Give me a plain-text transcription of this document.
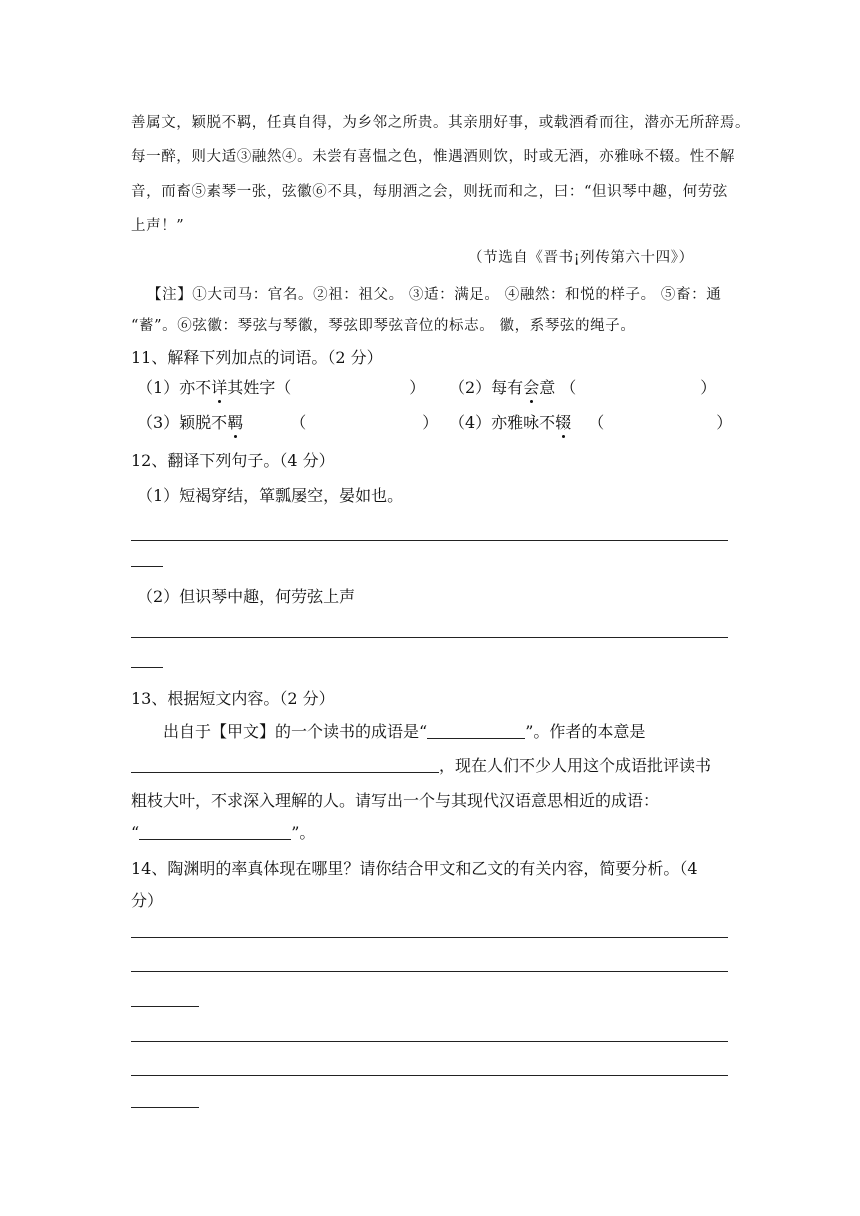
善属文，颖脱不羁，任真自得，为乡邻之所贵。其亲朋好事，或载酒肴而往，潜亦无所辞焉。
每一醉，则大适③融然④。未尝有喜愠之色，惟遇酒则饮，时或无酒，亦雅咏不辍。性不解
音，而畜⑤素琴一张，弦徽⑥不具，每朋酒之会，则抚而和之，曰：“但识琴中趣，何劳弦
上声！”
（节选自《晋书¡列传第六十四》）
【注】①大司马：官名。②祖：祖父。 ③适：满足。 ④融然：和悦的样子。 ⑤畜：通
“蓄”。⑥弦徽：琴弦与琴徽，琴弦即琴弦音位的标志。 徽，系琴弦的绳子。
11、解释下列加点的词语。（2 分）
（1）亦不详其姓字（	） （2）每有会意 （	）
（3）颖脱不羁	（	） （4）亦雅咏不辍 （	）
12、翻译下列句子。（4 分）
（1）短褐穿结，箪瓢屡空，晏如也。
（2）但识琴中趣，何劳弦上声
13、根据短文内容。（2 分）
出自于【甲文】的一个读书的成语是“	”。作者的本意是
，现在人们不少人用这个成语批评读书
粗枝大叶，不求深入理解的人。请写出一个与其现代汉语意思相近的成语：
“	”。
14、陶渊明的率真体现在哪里？请你结合甲文和乙文的有关内容，简要分析。（4
分）
